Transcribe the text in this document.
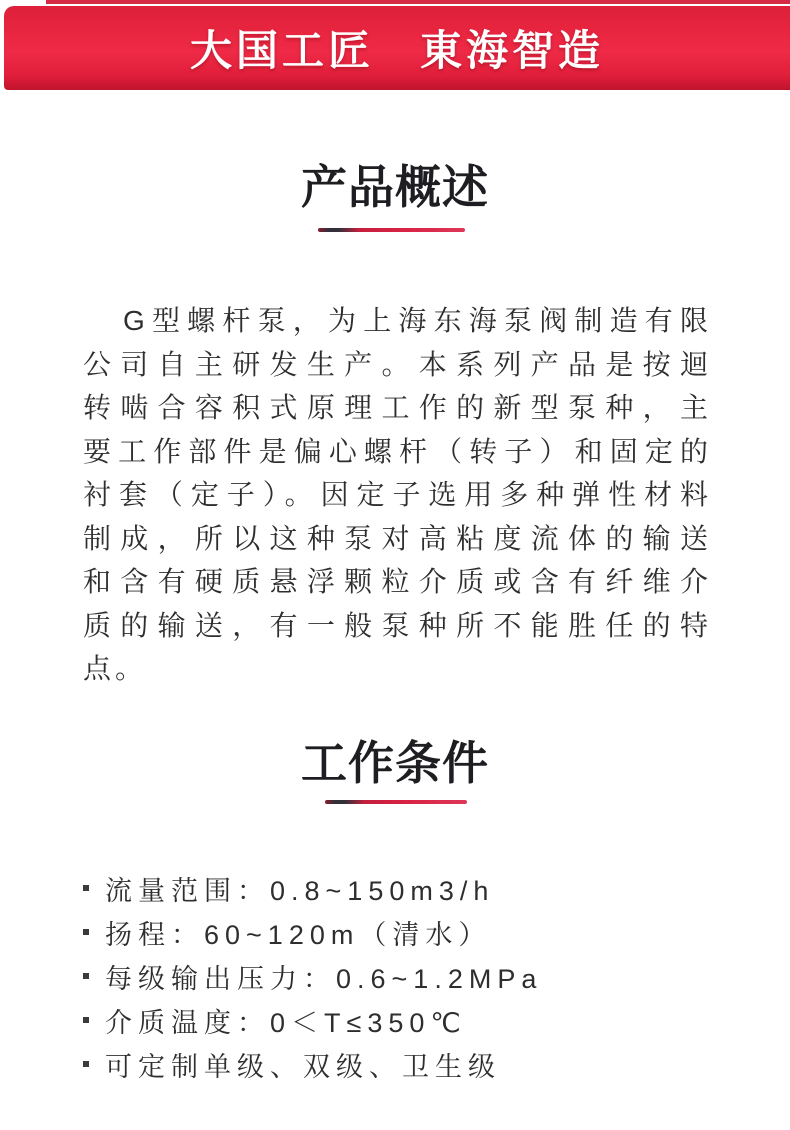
大国工匠　東海智造
产品概述
G型螺杆泵，为上海东海泵阀制造有限
公司自主研发生产。本系列产品是按迴
转啮合容积式原理工作的新型泵种，主
要工作部件是偏心螺杆（转子）和固定的
衬套（定子）。因定子选用多种弹性材料
制成，所以这种泵对高粘度流体的输送
和含有硬质悬浮颗粒介质或含有纤维介
质的输送，有一般泵种所不能胜任的特
点。
工作条件
流量范围：0.8~150m3/h
扬程：60~120m（清水）
每级输出压力：0.6~1.2MPa
介质温度：0＜T≤350℃
可定制单级、双级、卫生级
